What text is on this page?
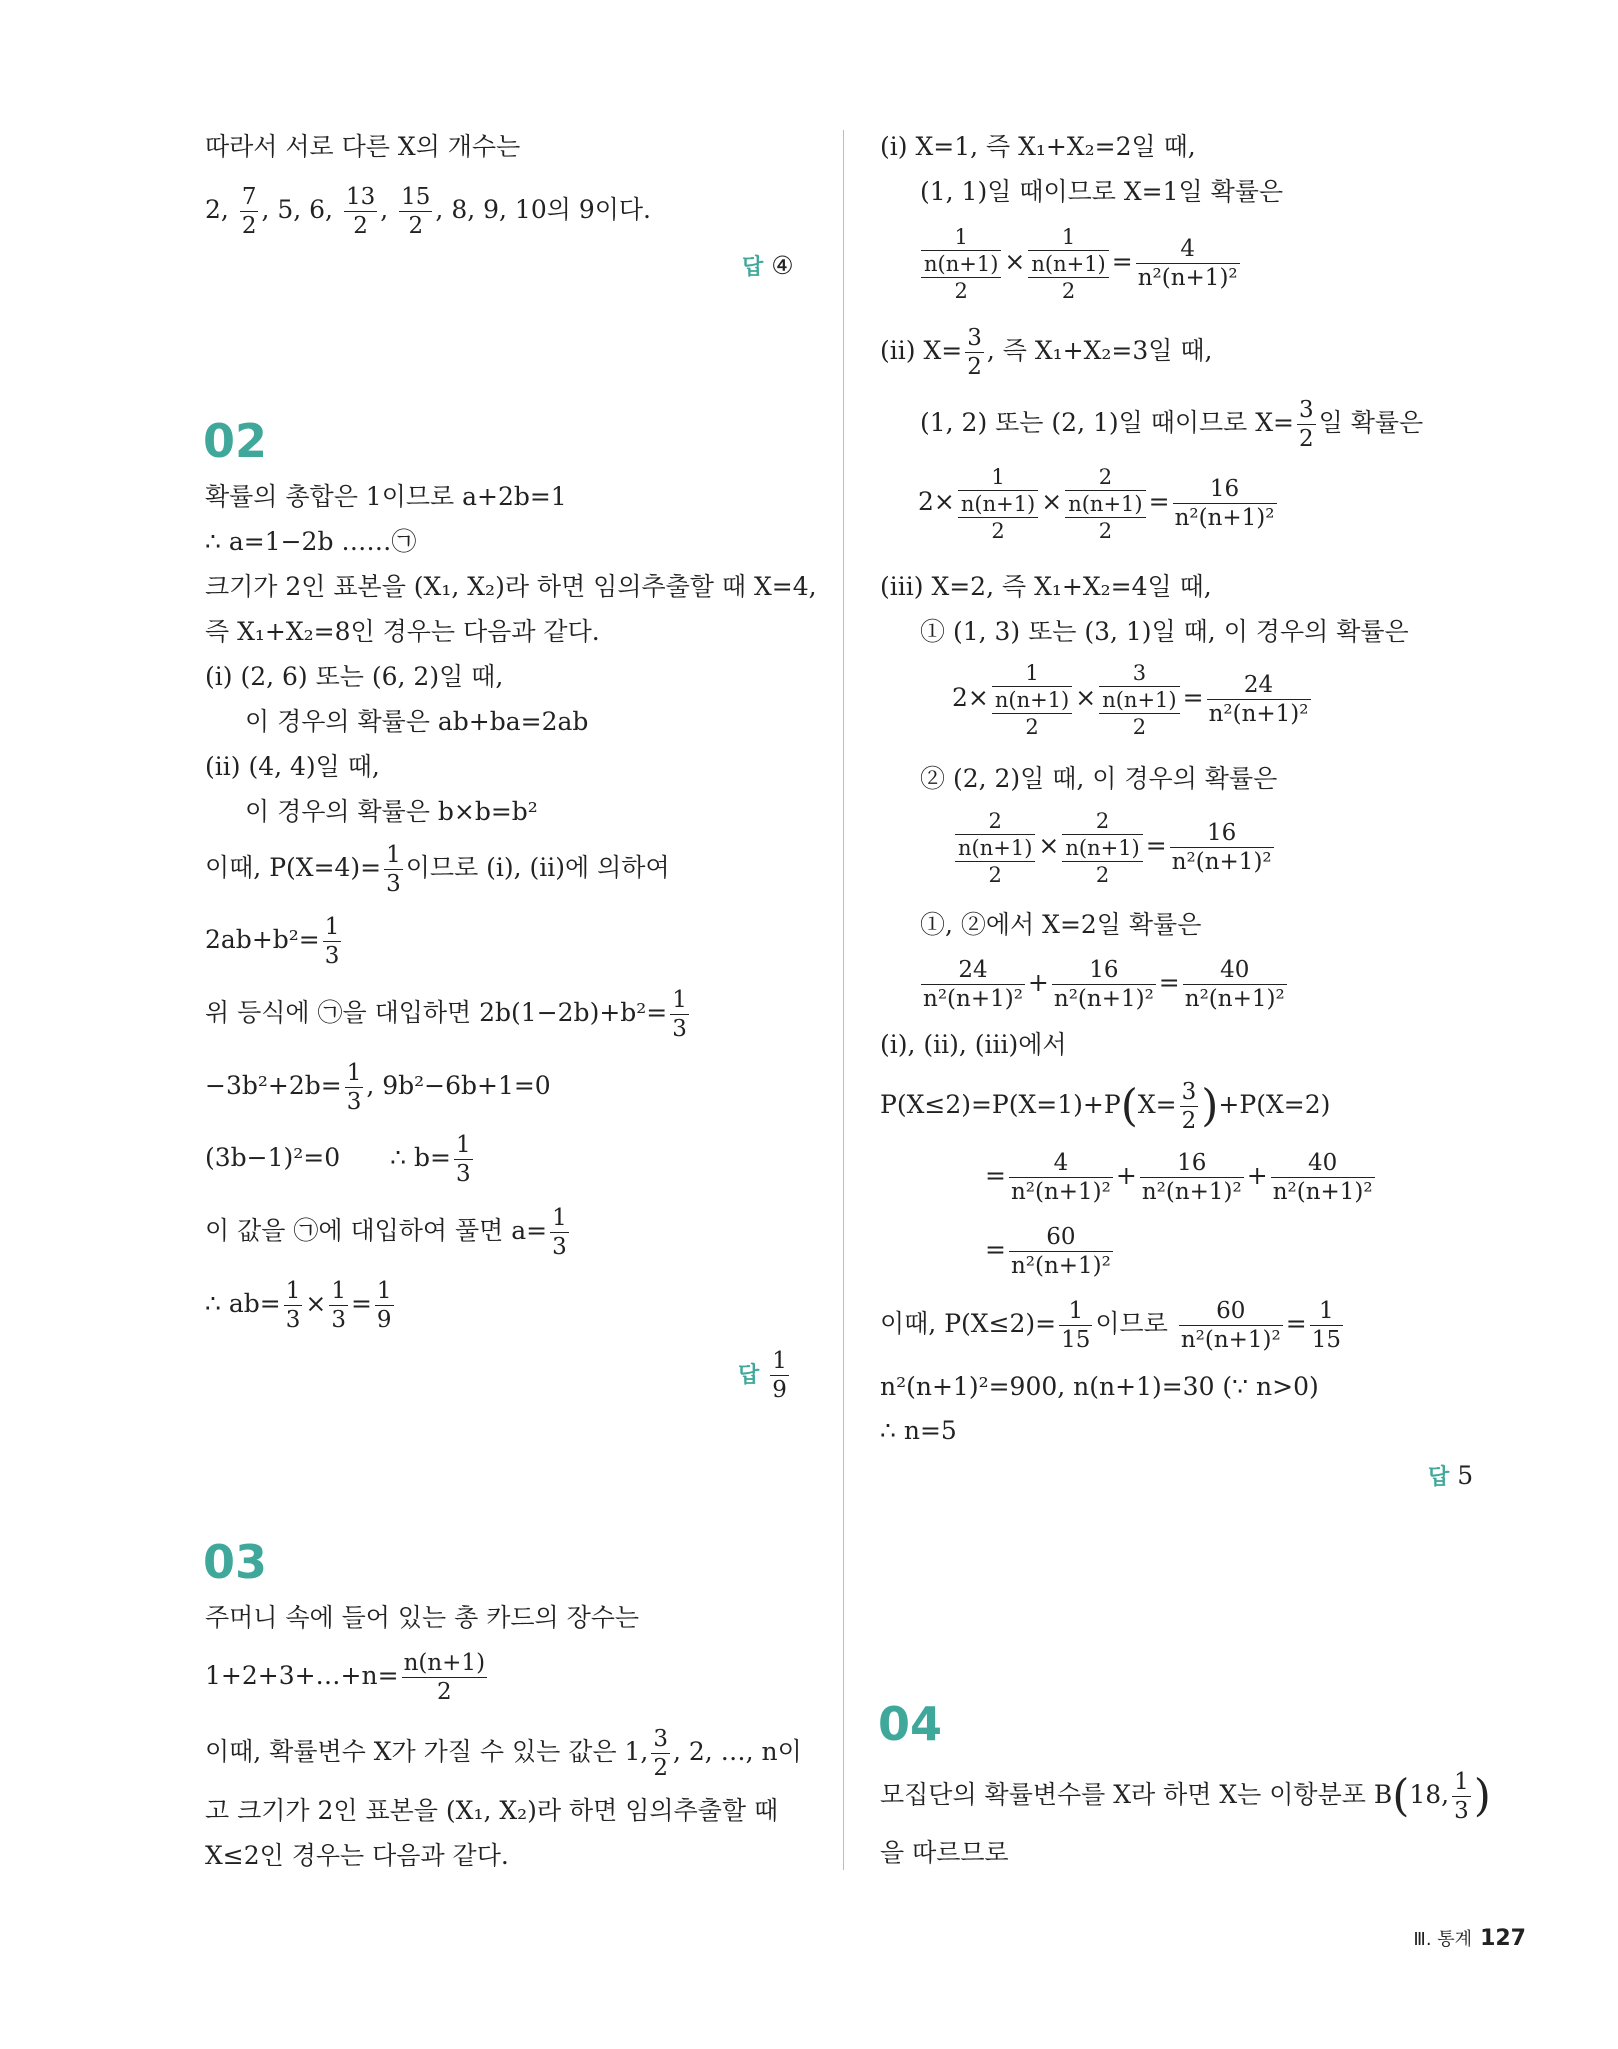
따라서 서로 다른 X의 개수는
2, $\frac{7}{2}$ , 5, 6, $\frac{13}{2}$ , $\frac{15}{2}$ , 8, 9, 10의 9이다.
답 ④
02
확률의 총합은 1이므로 a+2b=1
∴ a=1−2b ……㉠
크기가 2인 표본을 (X₁, X₂)라 하면 임의추출할 때 X=4,
즉 X₁+X₂=8인 경우는 다음과 같다.
(ⅰ) (2, 6) 또는 (6, 2)일 때,
이 경우의 확률은 ab+ba=2ab
(ⅱ) (4, 4)일 때,
이 경우의 확률은 b×b=b²
이때, $P(X=4)= \frac{1}{3}$ 이므로 (ⅰ), (ⅱ)에 의하여
$2ab+b^2= \frac{1}{3}$
위 등식에 ㉠을 대입하면 $2b(1-2b)+b^2= \frac{1}{3}$
$-3b^2+2b= \frac{1}{3}$ , 9b²−6b+1=0
(3b−1)²=0 ∴ $b= \frac{1}{3}$
이 값을 ㉠에 대입하여 풀면 $a= \frac{1}{3}$
∴ $ab= \frac{1}{3} \times \frac{1}{3} = \frac{1}{9}$
답 $\frac{1}{9}$
03
주머니 속에 들어 있는 총 카드의 장수는
1+2+3+…+n= $\frac{n(n+1)}{2}$
이때, 확률변수 X가 가질 수 있는 값은 1, $\frac{3}{2}$ , 2, …, n이
고 크기가 2인 표본을 (X₁, X₂)라 하면 임의추출할 때
X≤2인 경우는 다음과 같다.
(ⅰ) X=1, 즉 X₁+X₂=2일 때,
(1, 1)일 때이므로 X=1일 확률은
1
n(n+1)
2
×
1
n(n+1)
2
= $\frac{4}{\text{n²(n+1)²}}$
(ⅱ) $X= \frac{3}{2}$ , 즉 X₁+X₂=3일 때,
(1, 2) 또는 (2, 1)일 때이므로 $X= \frac{3}{2}$ 일 확률은
2×
1
n(n+1)
2
×
2
n(n+1)
2
= $\frac{16}{\text{n²(n+1)²}}$
(ⅲ) X=2, 즉 X₁+X₂=4일 때,
① (1, 3) 또는 (3, 1)일 때, 이 경우의 확률은
2×
1
n(n+1)
2
×
3
n(n+1)
2
= $\frac{24}{\text{n²(n+1)²}}$
② (2, 2)일 때, 이 경우의 확률은
2
n(n+1)
2
×
2
n(n+1)
2
= $\frac{16}{\text{n²(n+1)²}}$
①, ②에서 X=2일 확률은
$\frac{24}{\text{n²(n+1)²}} + \frac{16}{\text{n²(n+1)²}} = \frac{40}{\text{n²(n+1)²}}$
(ⅰ), (ⅱ), (ⅲ)에서
$P(X\le 2)=P(X=1)+P(X= \frac{3}{2} )+P(X=2)$
= $\frac{4}{\text{n²(n+1)²}} + \frac{16}{\text{n²(n+1)²}} + \frac{40}{\text{n²(n+1)²}}$
= $\frac{60}{\text{n²(n+1)²}}$
이때, $P(X\le 2)= \frac{1}{15}$ 이므로 $\frac{60}{\text{n²(n+1)²}} = \frac{1}{15}$
n²(n+1)²=900, n(n+1)=30 (∵ n>0)
∴ n=5
답 5
04
모집단의 확률변수를 X라 하면 X는 이항분포 B(18, $\frac{1}{3}$ )
을 따르므로
Ⅲ. 통계 127
